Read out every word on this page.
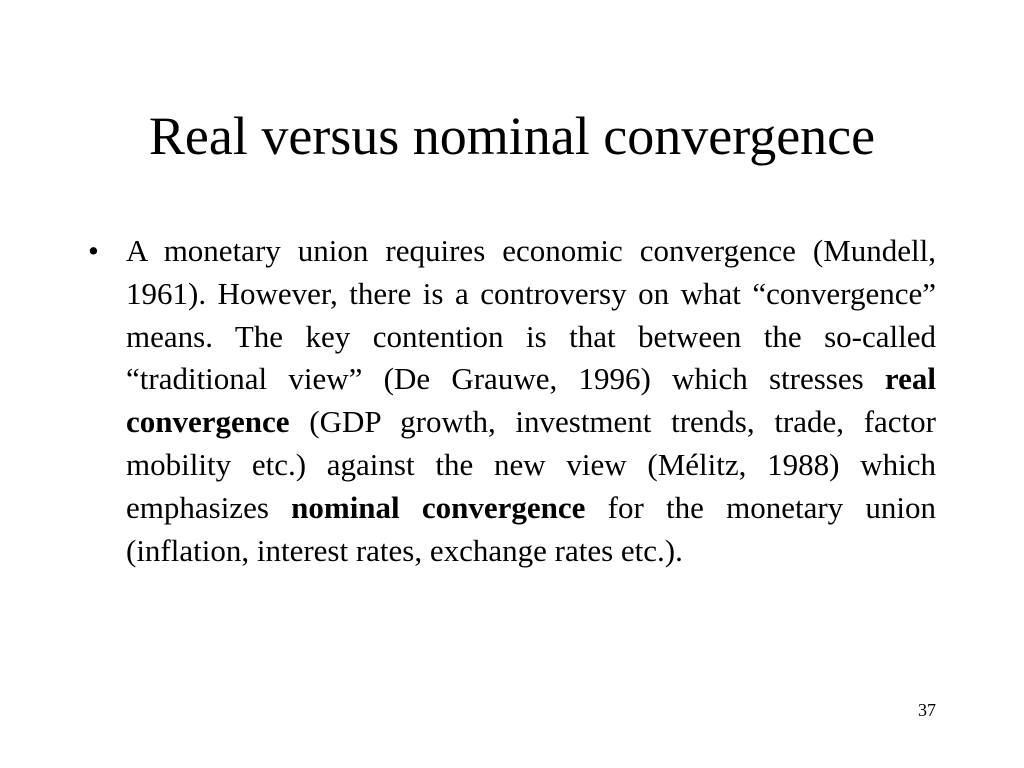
Real versus nominal convergence
• A monetary union requires economic convergence (Mundell, 1961). However, there is a controversy on what “convergence” means. The key contention is that between the so-called “traditional view” (De Grauwe, 1996) which stresses real convergence (GDP growth, investment trends, trade, factor mobility etc.) against the new view (Mélitz, 1988) which emphasizes nominal convergence for the monetary union (inflation, interest rates, exchange rates etc.).
37
